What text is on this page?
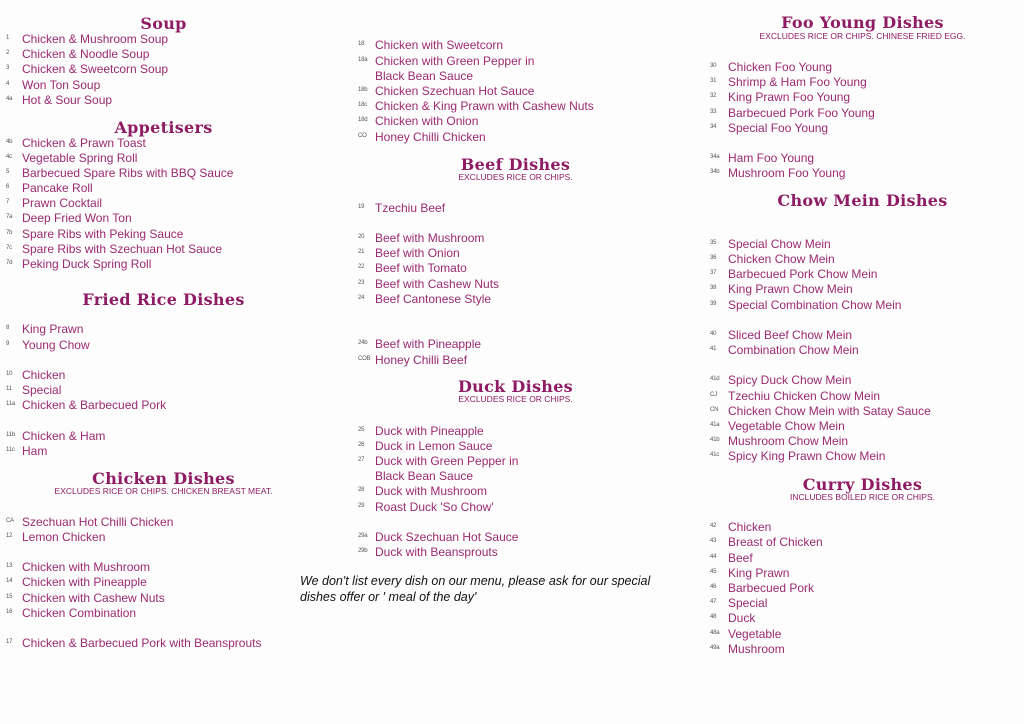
Soup
1	Chicken & Mushroom Soup
2	Chicken & Noodle Soup
3	Chicken & Sweetcorn Soup
4	Won Ton Soup
4a Hot & Sour Soup
Appetisers
4b Chicken & Prawn Toast
4c Vegetable Spring Roll
5	Barbecued Spare Ribs with BBQ Sauce
6	Pancake Roll
7	Prawn Cocktail
7a Deep Fried Won Ton
7b Spare Ribs with Peking Sauce
7c Spare Ribs with Szechuan Hot Sauce
7d Peking Duck Spring Roll
Fried Rice Dishes
8	King Prawn
9	Young Chow
10 Chicken
11 Special
11a Chicken & Barbecued Pork
11b Chicken & Ham
11c Ham
Chicken Dishes
EXCLUDES RICE OR CHIPS. CHICKEN BREAST MEAT.
CA Szechuan Hot Chilli Chicken
12 Lemon Chicken
13 Chicken with Mushroom
14 Chicken with Pineapple
15 Chicken with Cashew Nuts
16 Chicken Combination
17 Chicken & Barbecued Pork with Beansprouts
18 Chicken with Sweetcorn
18a Chicken with Green Pepper in
Black Bean Sauce
18b Chicken Szechuan Hot Sauce
18c Chicken & King Prawn with Cashew Nuts
18d Chicken with Onion
CO Honey Chilli Chicken
Beef Dishes
EXCLUDES RICE OR CHIPS.
19 Tzechiu Beef
20 Beef with Mushroom
21 Beef with Onion
22 Beef with Tomato
23 Beef with Cashew Nuts
24 Beef Cantonese Style
24b Beef with Pineapple
COB Honey Chilli Beef
Duck Dishes
EXCLUDES RICE OR CHIPS.
25 Duck with Pineapple
26 Duck in Lemon Sauce
27 Duck with Green Pepper in
Black Bean Sauce
28 Duck with Mushroom
29 Roast Duck 'So Chow'
29a Duck Szechuan Hot Sauce
29b Duck with Beansprouts
Foo Young Dishes
EXCLUDES RICE OR CHIPS. CHINESE FRIED EGG.
30 Chicken Foo Young
31 Shrimp & Ham Foo Young
32 King Prawn Foo Young
33 Barbecued Pork Foo Young
34 Special Foo Young
34a Ham Foo Young
34b Mushroom Foo Young
Chow Mein Dishes
35 Special Chow Mein
36 Chicken Chow Mein
37 Barbecued Pork Chow Mein
38 King Prawn Chow Mein
39 Special Combination Chow Mein
40 Sliced Beef Chow Mein
41 Combination Chow Mein
41d Spicy Duck Chow Mein
CJ Tzechiu Chicken Chow Mein
CN Chicken Chow Mein with Satay Sauce
41a Vegetable Chow Mein
41b Mushroom Chow Mein
41c Spicy King Prawn Chow Mein
Curry Dishes
INCLUDES BOILED RICE OR CHIPS.
42 Chicken
43 Breast of Chicken
44 Beef
45 King Prawn
46 Barbecued Pork
47 Special
48 Duck
48a Vegetable
49a Mushroom
We don't list every dish on our menu, please ask for our special dishes offer or ' meal of the day'
